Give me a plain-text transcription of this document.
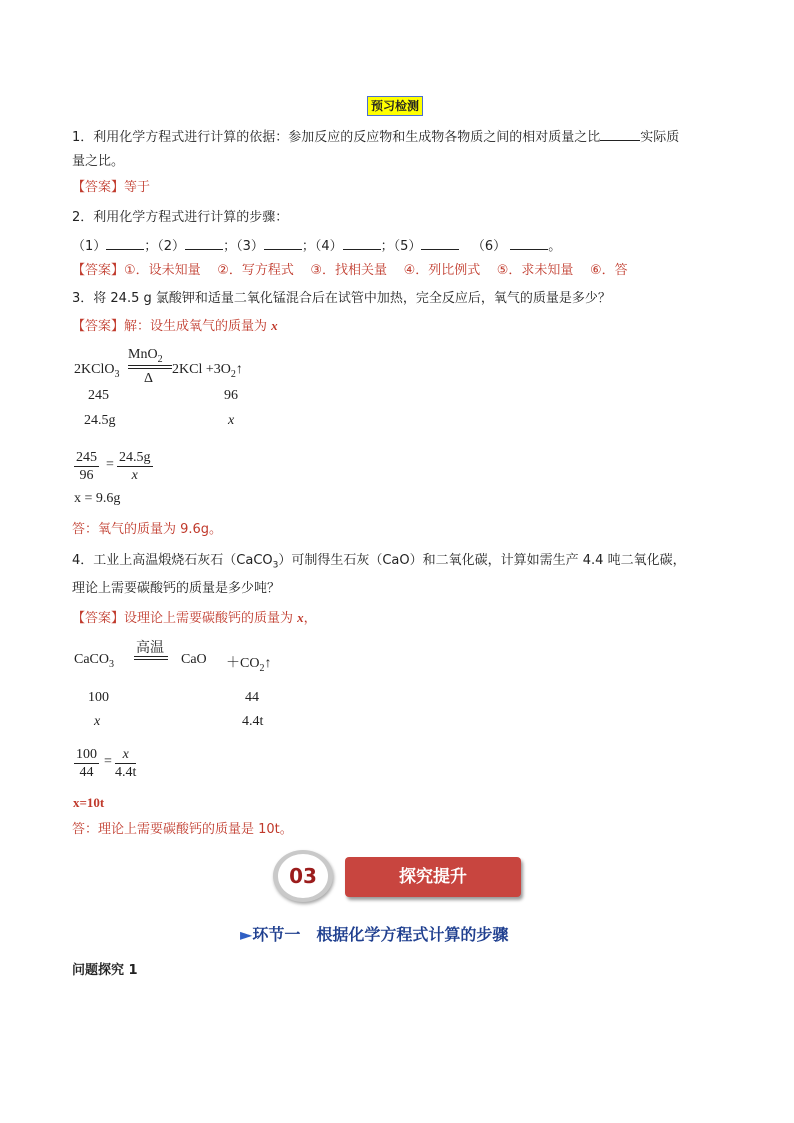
预习检测
1．利用化学方程式进行计算的依据：参加反应的反应物和生成物各物质之间的相对质量之比	实际质
量之比。
【答案】等于
2．利用化学方程式进行计算的步骤：
（1）	；（2）	；（3）	；（4）	；（5）	（6）	。
【答案】①．设未知量 ②．写方程式 ③．找相关量 ④．列比例式 ⑤．求未知量 ⑥．答
3．将 24.5 g 氯酸钾和适量二氧化锰混合后在试管中加热，完全反应后，氧气的质量是多少？
【答案】解：设生成氧气的质量为 x
MnO$_2$
Δ
2KClO$_3$	$2KCl +3O_2↑$
245	96
24.5g	x
$\frac{245}{96} = \frac{24.5g}{x}$
x = 9.6g
答：氧气的质量为 9.6g。
4．工业上高温煅烧石灰石（CaCO$_3$）可制得生石灰（CaO）和二氧化碳，计算如需生产 4.4 吨二氧化碳，
理论上需要碳酸钙的质量是多少吨？
【答案】设理论上需要碳酸钙的质量为 x，
高温
CaCO$_3$	CaO $+CO_2↑$
100	44
x	4.4t
$\frac{100}{44} = \frac{x}{4.4t}$
x=10t
答：理论上需要碳酸钙的质量是 10t。
03	探究提升
►环节一　根据化学方程式计算的步骤
问题探究 1
